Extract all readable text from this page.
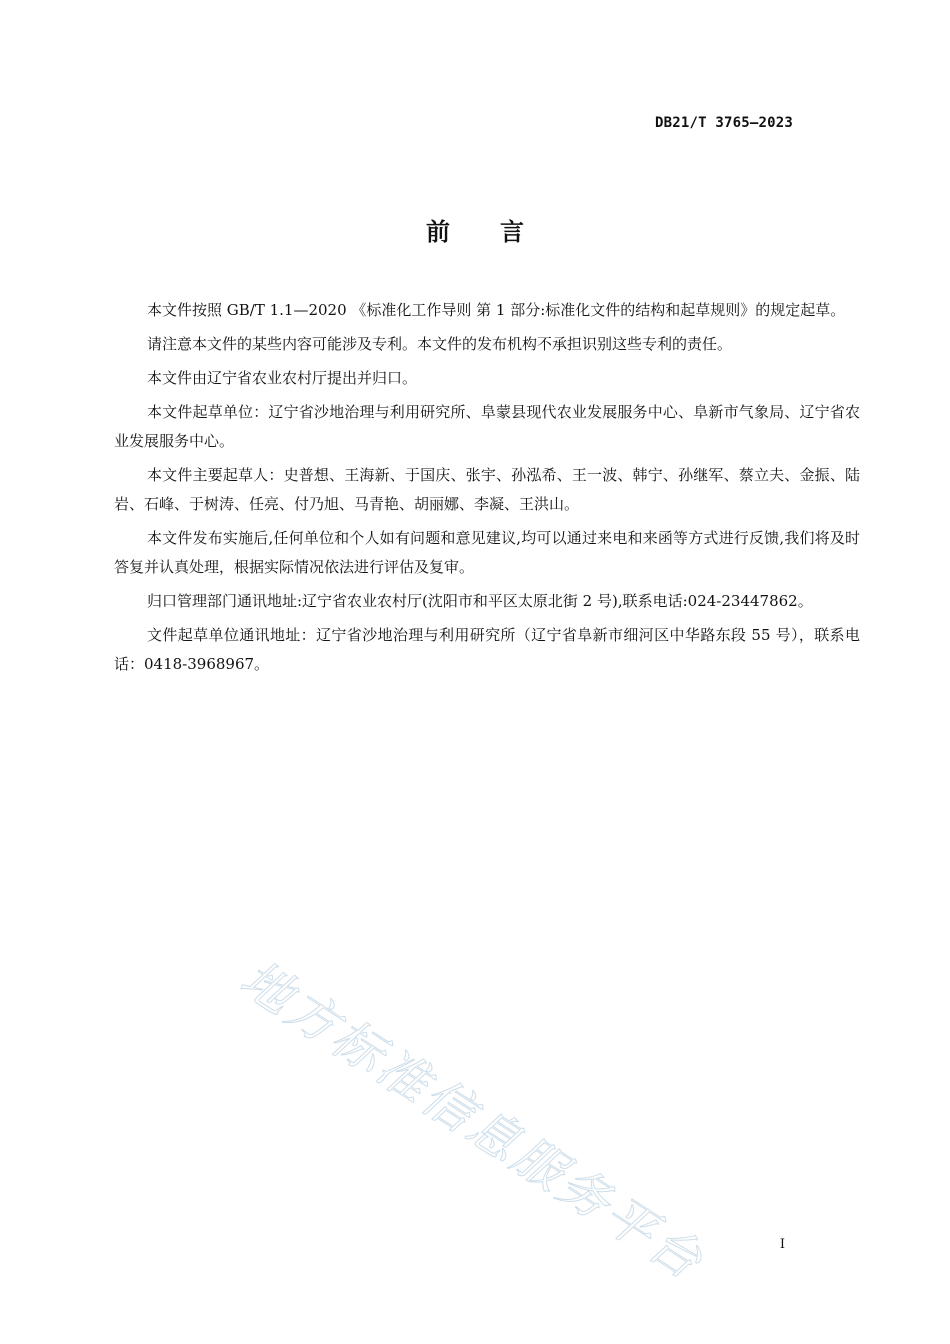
DB21/T 3765—2023
前言

本文件按照 GB/T 1.1—2020 《标准化工作导则 第 1 部分:标准化文件的结构和起草规则》的规定起草。

请注意本文件的某些内容可能涉及专利。本文件的发布机构不承担识别这些专利的责任。

本文件由辽宁省农业农村厅提出并归口。

本文件起草单位：辽宁省沙地治理与利用研究所、阜蒙县现代农业发展服务中心、阜新市气象局、辽宁省农业发展服务中心。

本文件主要起草人：史普想、王海新、于国庆、张宇、孙泓希、王一波、韩宁、孙继军、蔡立夫、金振、陆岩、石峰、于树涛、任亮、付乃旭、马青艳、胡丽娜、李凝、王洪山。

本文件发布实施后,任何单位和个人如有问题和意见建议,均可以通过来电和来函等方式进行反馈,我们将及时答复并认真处理，根据实际情况依法进行评估及复审。

归口管理部门通讯地址:辽宁省农业农村厅(沈阳市和平区太原北街 2 号),联系电话:024-23447862。

文件起草单位通讯地址：辽宁省沙地治理与利用研究所（辽宁省阜新市细河区中华路东段 55 号），联系电话：0418-3968967。

地方标准信息服务平台	I
